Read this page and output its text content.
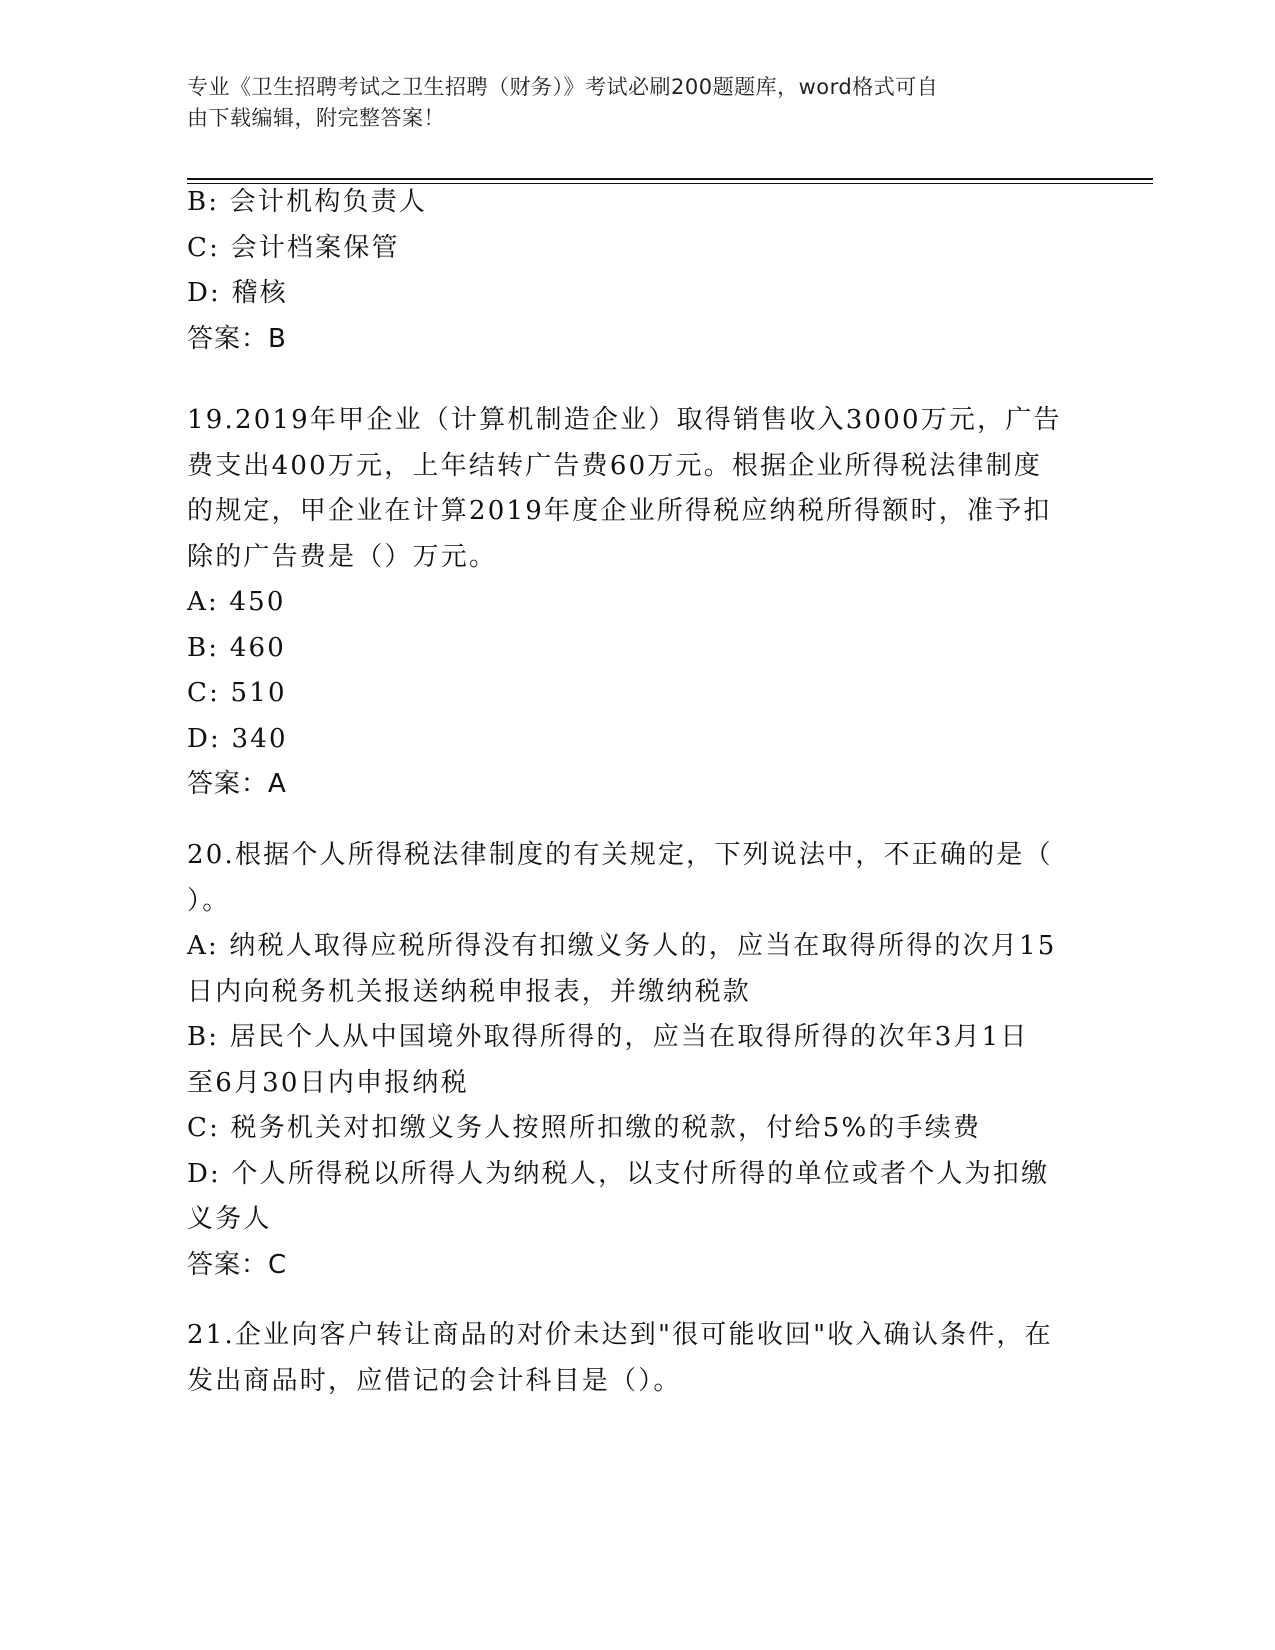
专业《卫生招聘考试之卫生招聘（财务）》考试必刷200题题库，word格式可自
由下载编辑，附完整答案！
B: 会计机构负责人
C: 会计档案保管
D: 稽核
答案：B
19.2019年甲企业（计算机制造企业）取得销售收入3000万元，广告
费支出400万元，上年结转广告费60万元。根据企业所得税法律制度
的规定，甲企业在计算2019年度企业所得税应纳税所得额时，准予扣
除的广告费是（）万元。
A: 450
B: 460
C: 510
D: 340
答案：A
20.根据个人所得税法律制度的有关规定，下列说法中，不正确的是（
）。
A: 纳税人取得应税所得没有扣缴义务人的，应当在取得所得的次月15
日内向税务机关报送纳税申报表，并缴纳税款
B: 居民个人从中国境外取得所得的，应当在取得所得的次年3月1日
至6月30日内申报纳税
C: 税务机关对扣缴义务人按照所扣缴的税款，付给5%的手续费
D: 个人所得税以所得人为纳税人，以支付所得的单位或者个人为扣缴
义务人
答案：C
21.企业向客户转让商品的对价未达到"很可能收回"收入确认条件，在
发出商品时，应借记的会计科目是（）。
